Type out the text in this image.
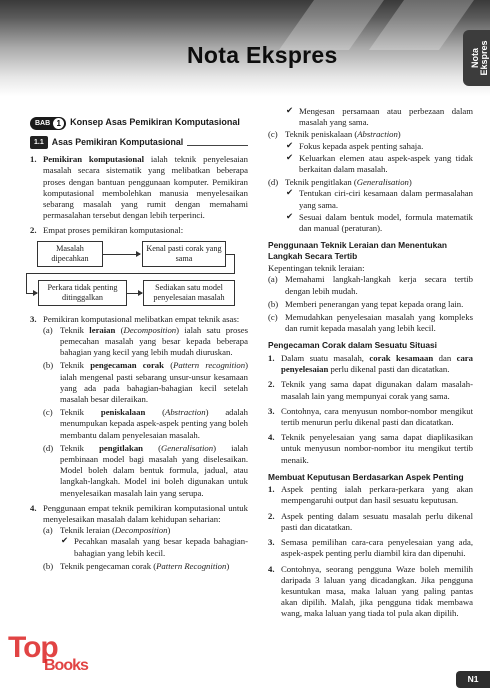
Nota Ekspres	Nota Ekspres
BAB 1	Konsep Asas Pemikiran Komputasional
1.1 Asas Pemikiran Komputasional
1. Pemikiran komputasional ialah teknik penyelesaian masalah secara sistematik yang melibatkan beberapa proses dengan bantuan penggunaan komputer. Pemikiran komputasional membolehkan manusia menyelesaikan sebarang masalah yang rumit dengan memahami permasalahan tersebut dengan lebih terperinci.
2. Empat proses pemikiran komputasional:
Masalah dipecahkan
Kenal pasti corak yang sama
Perkara tidak penting ditinggalkan
Sediakan satu model penyelesaian masalah
3. Pemikiran komputasional melibatkan empat teknik asas:
(a) Teknik leraian (Decomposition) ialah satu proses pemecahan masalah yang besar kepada beberapa bahagian yang kecil yang lebih mudah diuruskan.
(b) Teknik pengecaman corak (Pattern recognition) ialah mengenal pasti sebarang unsur-unsur kesamaan yang ada pada bahagian-bahagian kecil setelah masalah besar dileraikan.
(c) Teknik peniskalaan (Abstraction) adalah menumpukan kepada aspek-aspek penting yang boleh membantu dalam penyelesaian masalah.
(d) Teknik pengitlakan (Generalisation) ialah pembinaan model bagi masalah yang diselesaikan. Model boleh dalam bentuk formula, jadual, atau langkah-langkah. Model ini boleh digunakan untuk menyelesaikan masalah lain yang serupa.
4. Penggunaan empat teknik pemikiran komputasional untuk menyelesaikan masalah dalam kehidupan seharian:
(a) Teknik leraian (Decomposition)
✔ Pecahkan masalah yang besar kepada bahagian-bahagian yang lebih kecil.
(b) Teknik pengecaman corak (Pattern Recognition)
✔ Mengesan persamaan atau perbezaan dalam masalah yang sama.
(c) Teknik peniskalaan (Abstraction)
✔ Fokus kepada aspek penting sahaja.
✔ Keluarkan elemen atau aspek-aspek yang tidak berkaitan dalam masalah.
(d) Teknik pengitlakan (Generalisation)
✔ Tentukan ciri-ciri kesamaan dalam permasalahan yang sama.
✔ Sesuai dalam bentuk model, formula matematik dan manual (peraturan).
Penggunaan Teknik Leraian dan Menentukan Langkah Secara Tertib
Kepentingan teknik leraian:
(a) Memahami langkah-langkah kerja secara tertib dengan lebih mudah.
(b) Memberi penerangan yang tepat kepada orang lain.
(c) Memudahkan penyelesaian masalah yang kompleks dan rumit kepada masalah yang lebih kecil.
Pengecaman Corak dalam Sesuatu Situasi
1. Dalam suatu masalah, corak kesamaan dan cara penyelesaian perlu dikenal pasti dan dicatatkan.
2. Teknik yang sama dapat digunakan dalam masalah-masalah lain yang mempunyai corak yang sama.
3. Contohnya, cara menyusun nombor-nombor mengikut tertib menurun perlu dikenal pasti dan dicatatkan.
4. Teknik penyelesaian yang sama dapat diaplikasikan untuk menyusun nombor-nombor itu mengikut tertib menaik.
Membuat Keputusan Berdasarkan Aspek Penting
1. Aspek penting ialah perkara-perkara yang akan mempengaruhi output dan hasil sesuatu keputusan.
2. Aspek penting dalam sesuatu masalah perlu dikenal pasti dan dicatatkan.
3. Semasa pemilihan cara-cara penyelesaian yang ada, aspek-aspek penting perlu diambil kira dan dipenuhi.
4. Contohnya, seorang pengguna Waze boleh memilih daripada 3 laluan yang dicadangkan. Jika pengguna kesuntukan masa, maka laluan yang paling pantas akan dipilih. Malah, jika pengguna tidak membawa wang, maka laluan yang tiada tol pula akan dipilih.
Top
Books
N1
